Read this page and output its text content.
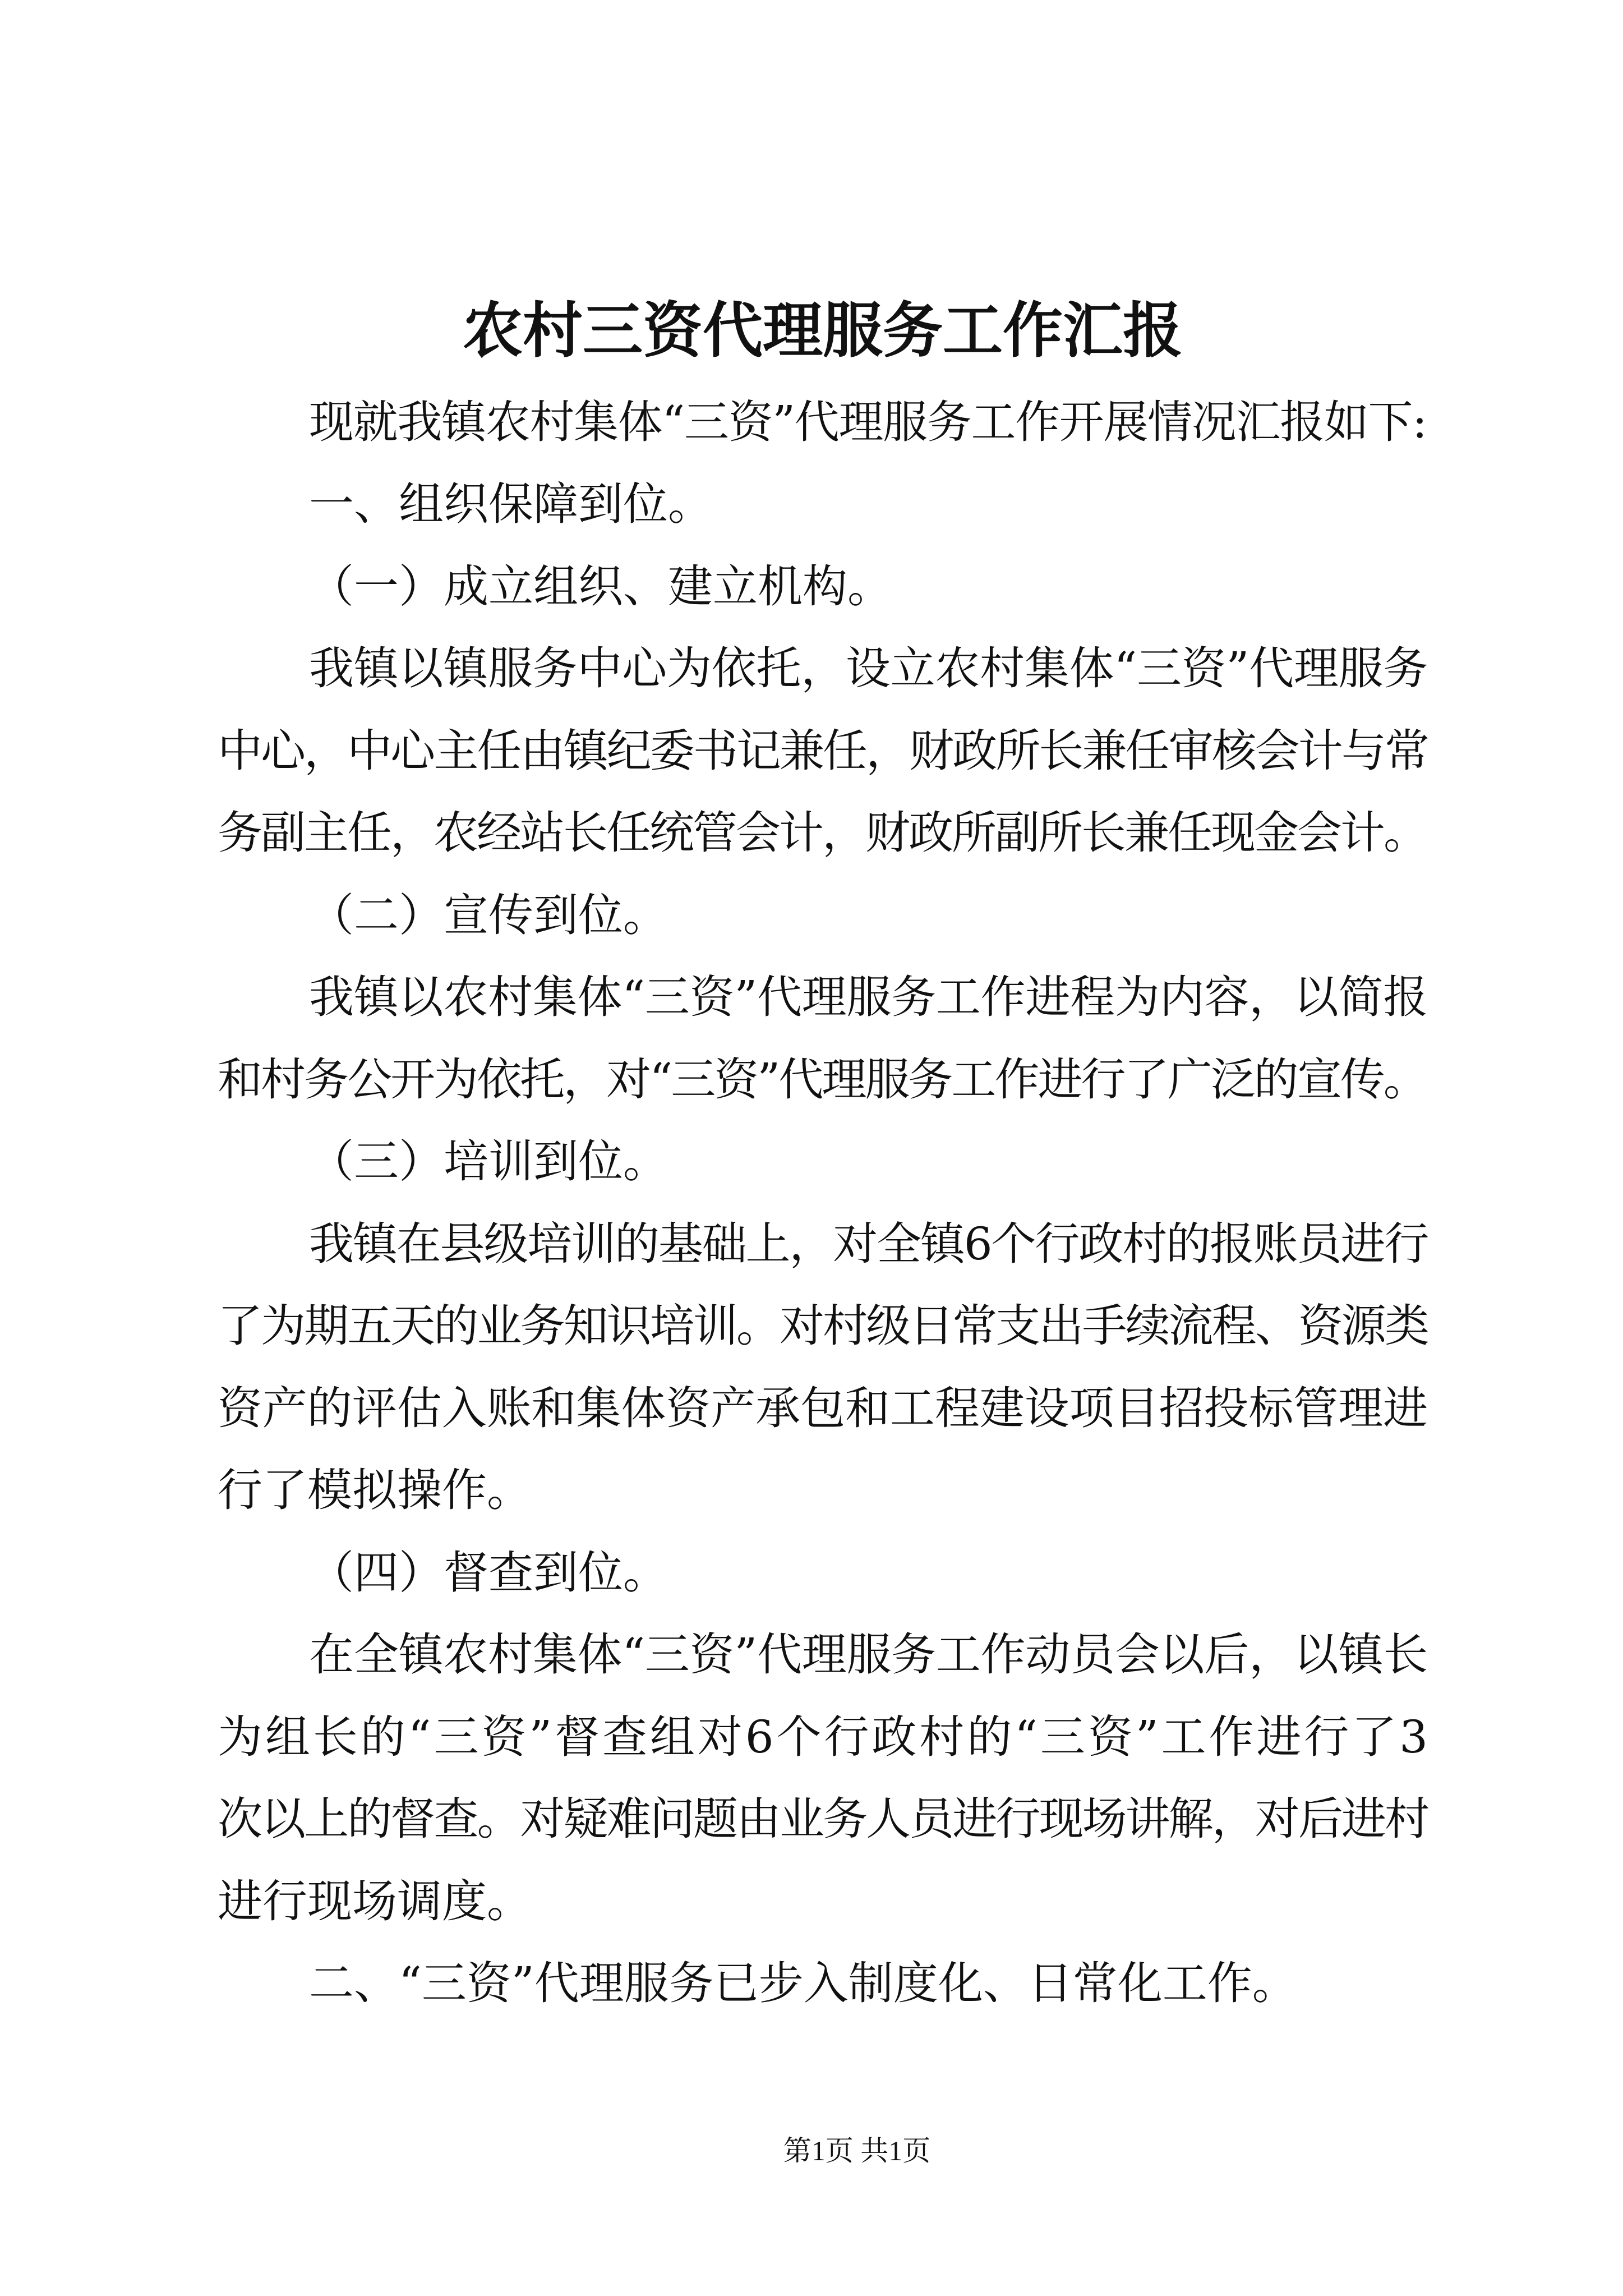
农村三资代理服务工作汇报
现就我镇农村集体“三资”代理服务工作开展情况汇报如下:
一、组织保障到位。
（一）成立组织、建立机构。
我镇以镇服务中心为依托，设立农村集体“三资”代理服务
中心，中心主任由镇纪委书记兼任，财政所长兼任审核会计与常
务副主任，农经站长任统管会计，财政所副所长兼任现金会计。
（二）宣传到位。
我镇以农村集体“三资”代理服务工作进程为内容，以简报
和村务公开为依托，对“三资”代理服务工作进行了广泛的宣传。
（三）培训到位。
我镇在县级培训的基础上，对全镇6个行政村的报账员进行
了为期五天的业务知识培训。对村级日常支出手续流程、资源类
资产的评估入账和集体资产承包和工程建设项目招投标管理进
行了模拟操作。
（四）督查到位。
在全镇农村集体“三资”代理服务工作动员会以后，以镇长
为组长的“三资”督查组对6个行政村的“三资”工作进行了3
次以上的督查。对疑难问题由业务人员进行现场讲解，对后进村
进行现场调度。
二、“三资”代理服务已步入制度化、日常化工作。
第1页 共1页
